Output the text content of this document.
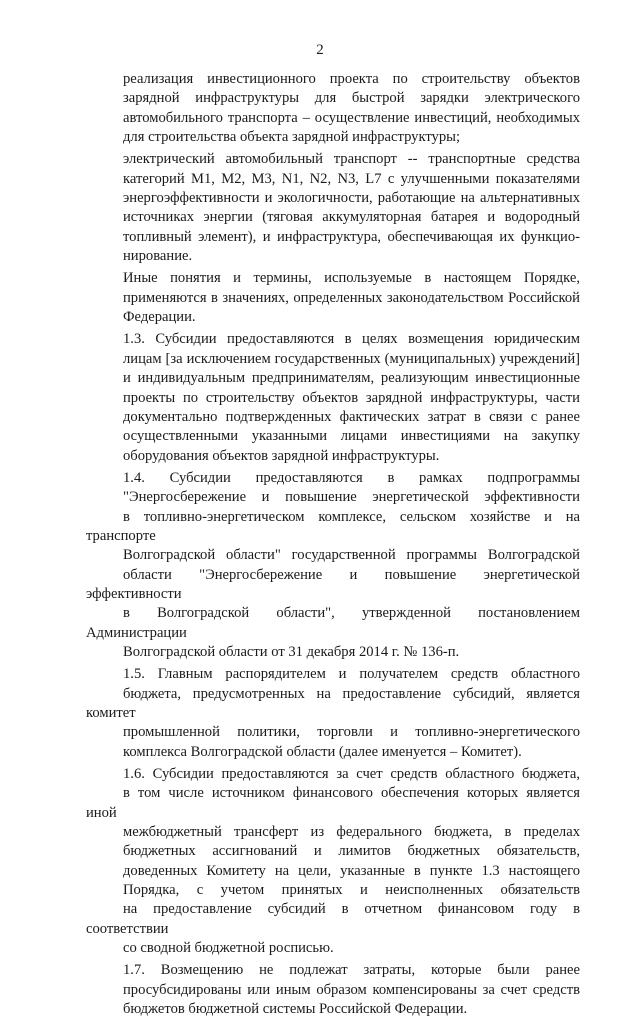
2

реализация инвестиционного проекта по строительству объектов
зарядной инфраструктуры для быстрой зарядки электрического
автомобильного транспорта – осуществление инвестиций, необходимых
для строительства объекта зарядной инфраструктуры;

электрический автомобильный транспорт -- транспортные средства
категорий М1, М2, М3, N1, N2, N3, L7 с улучшенными показателями
энергоэффективности и экологичности, работающие на альтернативных
источниках энергии (тяговая аккумуляторная батарея и водородный
топливный элемент), и инфраструктура, обеспечивающая их функцио-
нирование.

Иные понятия и термины, используемые в настоящем Порядке,
применяются в значениях, определенных законодательством Российской
Федерации.

1.3. Субсидии предоставляются в целях возмещения юридическим
лицам [за исключением государственных (муниципальных) учреждений]
и индивидуальным предпринимателям, реализующим инвестиционные
проекты по строительству объектов зарядной инфраструктуры, части
документально подтвержденных фактических затрат в связи с ранее
осуществленными указанными лицами инвестициями на закупку
оборудования объектов зарядной инфраструктуры.

1.4. Субсидии предоставляются в рамках подпрограммы
"Энергосбережение и повышение энергетической эффективности
в топливно-энергетическом комплексе, сельском хозяйстве и на транспорте
Волгоградской области" государственной программы Волгоградской
области "Энергосбережение и повышение энергетической эффективности
в Волгоградской области", утвержденной постановлением Администрации
Волгоградской области от 31 декабря 2014 г. № 136-п.

1.5. Главным распорядителем и получателем средств областного
бюджета, предусмотренных на предоставление субсидий, является комитет
промышленной политики, торговли и топливно-энергетического
комплекса Волгоградской области (далее именуется – Комитет).

1.6. Субсидии предоставляются за счет средств областного бюджета,
в том числе источником финансового обеспечения которых является иной
межбюджетный трансферт из федерального бюджета, в пределах
бюджетных ассигнований и лимитов бюджетных обязательств,
доведенных Комитету на цели, указанные в пункте 1.3 настоящего
Порядка, с учетом принятых и неисполненных обязательств
на предоставление субсидий в отчетном финансовом году в соответствии
со сводной бюджетной росписью.

1.7. Возмещению не подлежат затраты, которые были ранее
просубсидированы или иным образом компенсированы за счет средств
бюджетов бюджетной системы Российской Федерации.
